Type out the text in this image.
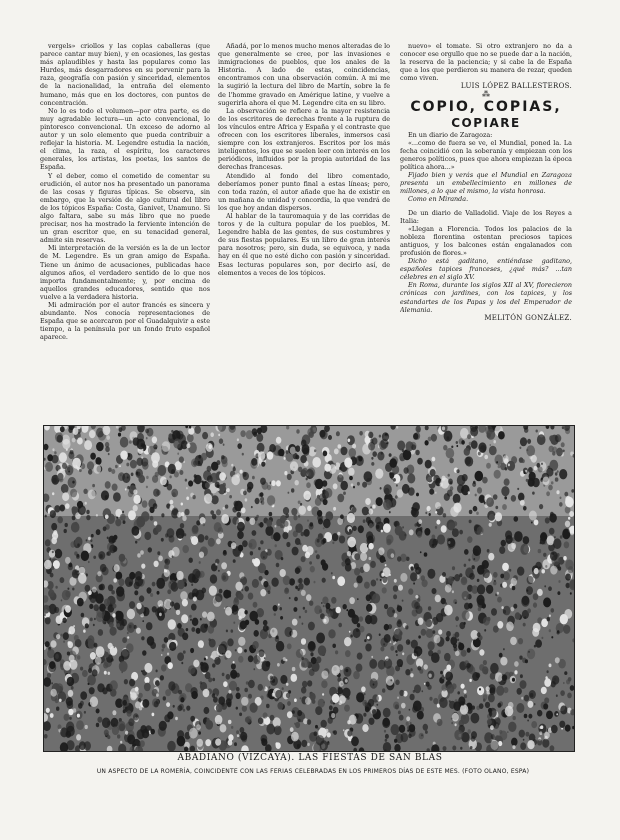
vergels» criollos y las coplas caballeras (que parece cantar muy bien), y en ocasiones, las gestas más aplaudibles y hasta las populares como las Hurdes, más desgarradores en su porvenir para la raza, geografía con pasión y sinceridad, elementos de la nacionalidad, la entraña del elemento humano, más que en los doctores, con puntos de concentración.

No lo es todo el volumen—por otra parte, es de muy agradable lectura—un acto convencional, lo pintoresco convencional. Un exceso de adorno al autor y un solo elemento que pueda contribuir a reflejar la historia. M. Legendre estudia la nación, el clima, la raza, el espíritu, los caracteres generales, los artistas, los poetas, los santos de España.

Y el deber, como el cometido de comentar su erudición, el autor nos ha presentado un panorama de las cosas y figuras típicas. Se observa, sin embargo, que la versión de algo cultural del libro de los tópicos España: Costa, Ganivet, Unamuno. Si algo faltara, sabe su más libro que no puede precisar, nos ha mostrado la ferviente intención de un gran escritor que, en su tenacidad general, admite sin reservas.

Mi interpretación de la versión es la de un lector de M. Legendre. Es un gran amigo de España. Tiene un ánimo de acusaciones, publicadas hace algunos años, el verdadero sentido de lo que nos importa fundamentalmente; y, por encima de aquellos grandes educadores, sentido que nos vuelve a la verdadera historia.

Mi admiración por el autor francés es sincera y abundante. Nos conocía representaciones de España que se acercaron por el Guadalquivir a este tiempo, a la península por un fondo fruto español aparece.

Añadá, por lo menos mucho menos alteradas de lo que generalmente se cree, por las invasiones e inmigraciones de pueblos, que los anales de la Historia. A lado de estas, coincidencias, encontramos con una observación común. A mi me la sugirió la lectura del libro de Martín, sobre la fe de l'homme gravado en Amérique latine, y vuelve a sugerirla ahora el que M. Legendre cita en su libro.

La observación se refiere a la mayor resistencia de los escritores de derechas frente a la ruptura de los vínculos entre Africa y España y el contraste que ofrecen con los escritores liberales, inmersos casi siempre con los extranjeros. Escritos por los más inteligentes, los que se suelen leer con interés en los periódicos, influidos por la propia autoridad de las derechas francesas.

Atendido al fondo del libro comentado, deberíamos poner punto final a estas líneas; pero, con toda razón, el autor añade que ha de existir en un mañana de unidad y concordia, la que vendrá de los que hoy andan dispersos.

Al hablar de la tauromaquia y de las corridas de toros y de la cultura popular de los pueblos, M. Legendre habla de las gentes, de sus costumbres y de sus fiestas populares. Es un libro de gran interés para nosotros; pero, sin duda, se equivoca, y nada hay en él que no esté dicho con pasión y sinceridad. Esas lecturas populares son, por decirlo así, de elementos a veces de los tópicos.

nuevo» el tomate. Si otro extranjero no da a conocer ese orgullo que no se puede dar a la nación, la reserva de la paciencia; y si cabe la de España que a los que perdieron su manera de rezar, queden como viven.

LUIS LÓPEZ BALLESTEROS.

⁂

COPIO, COPIAS,

COPIARE

En un diario de Zaragoza:

«...como de fuera se ve, el Mundial, poned la. La fecha coincidió con la soberanía y empiezan con los generos políticos, pues que ahora empiezan la época política ahora...»

Fijado bien y verás que el Mundial en Zaragoza presenta un embellecimiento en millones de millones, a lo que el mismo, la vista honrosa.

Como en Miranda.

De un diario de Valladolid. Viaje de los Reyes a Italia:

«Llegan a Florencia. Todos los palacios de la nobleza florentina ostentan preciosos tapices antiguos, y los balcones están engalanados con profusión de flores.»

Dicho está gaditano, entiéndase gaditano, españoles tapices franceses, ¿qué más? ...tan célebres en el siglo XV.

En Roma, durante los siglos XII al XV, florecieron crónicas con jardines, con los tapices, y los estandartes de los Papas y los del Emperador de Alemania.

MELITÓN GONZÁLEZ.

ABADIANO (VIZCAYA). LAS FIESTAS DE SAN BLAS
UN ASPECTO DE LA ROMERÍA, COINCIDENTE CON LAS FERIAS CELEBRADAS EN LOS PRIMEROS DÍAS DE ESTE MES. (FOTO OLANO, ESPA)
